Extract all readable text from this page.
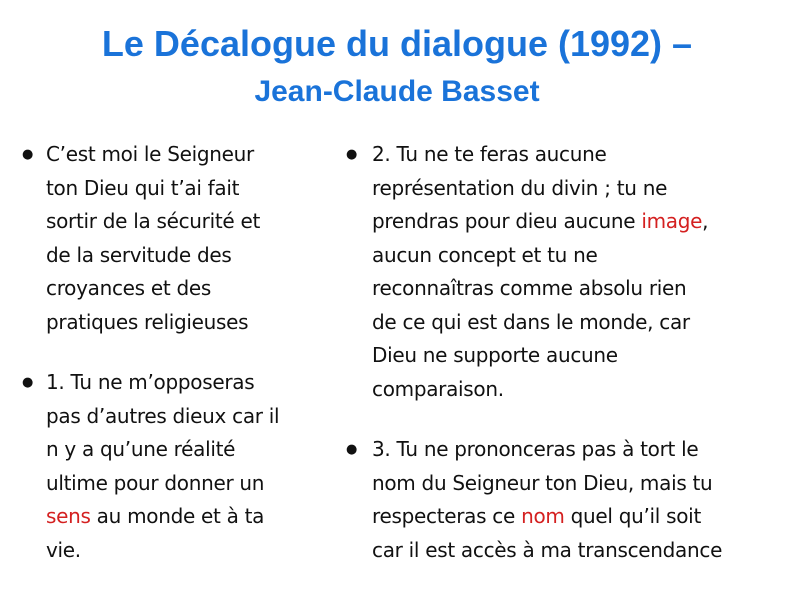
Le Décalogue du dialogue (1992) –
Jean-Claude Basset
● C’est moi le Seigneur
ton Dieu qui t’ai fait
sortir de la sécurité et
de la servitude des
croyances et des
pratiques religieuses
● 1. Tu ne m’opposeras
pas d’autres dieux car il
n y a qu’une réalité
ultime pour donner un
sens au monde et à ta
vie.
● 2. Tu ne te feras aucune
représentation du divin ; tu ne
prendras pour dieu aucune image,
aucun concept et tu ne
reconnaîtras comme absolu rien
de ce qui est dans le monde, car
Dieu ne supporte aucune
comparaison.
● 3. Tu ne prononceras pas à tort le
nom du Seigneur ton Dieu, mais tu
respecteras ce nom quel qu’il soit
car il est accès à ma transcendance
